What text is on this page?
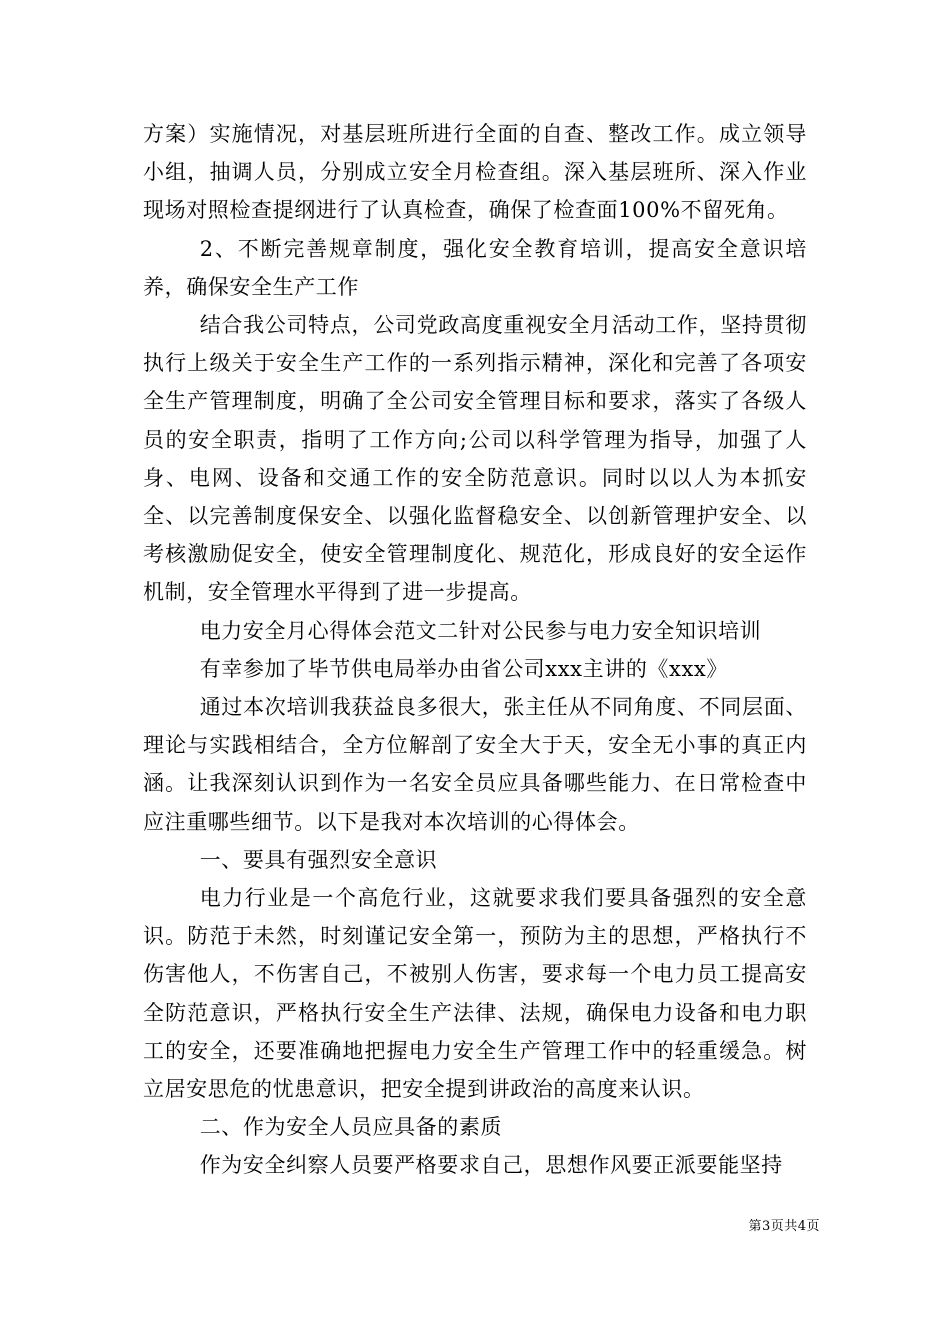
方案）实施情况，对基层班所进行全面的自查、整改工作。成立领导小组，抽调人员，分别成立安全月检查组。深入基层班所、深入作业现场对照检查提纲进行了认真检查，确保了检查面100%不留死角。

2、不断完善规章制度，强化安全教育培训，提高安全意识培养，确保安全生产工作

结合我公司特点，公司党政高度重视安全月活动工作，坚持贯彻执行上级关于安全生产工作的一系列指示精神，深化和完善了各项安全生产管理制度，明确了全公司安全管理目标和要求，落实了各级人员的安全职责，指明了工作方向;公司以科学管理为指导，加强了人身、电网、设备和交通工作的安全防范意识。同时以以人为本抓安全、以完善制度保安全、以强化监督稳安全、以创新管理护安全、以考核激励促安全，使安全管理制度化、规范化，形成良好的安全运作机制，安全管理水平得到了进一步提高。

电力安全月心得体会范文二针对公民参与电力安全知识培训

有幸参加了毕节供电局举办由省公司xxx主讲的《xxx》

通过本次培训我获益良多很大，张主任从不同角度、不同层面、理论与实践相结合，全方位解剖了安全大于天，安全无小事的真正内涵。让我深刻认识到作为一名安全员应具备哪些能力、在日常检查中应注重哪些细节。以下是我对本次培训的心得体会。

一、要具有强烈安全意识

电力行业是一个高危行业，这就要求我们要具备强烈的安全意识。防范于未然，时刻谨记安全第一，预防为主的思想，严格执行不伤害他人，不伤害自己，不被别人伤害，要求每一个电力员工提高安全防范意识，严格执行安全生产法律、法规，确保电力设备和电力职工的安全，还要准确地把握电力安全生产管理工作中的轻重缓急。树立居安思危的忧患意识，把安全提到讲政治的高度来认识。

二、作为安全人员应具备的素质

作为安全纠察人员要严格要求自己，思想作风要正派要能坚持

第3页共4页
